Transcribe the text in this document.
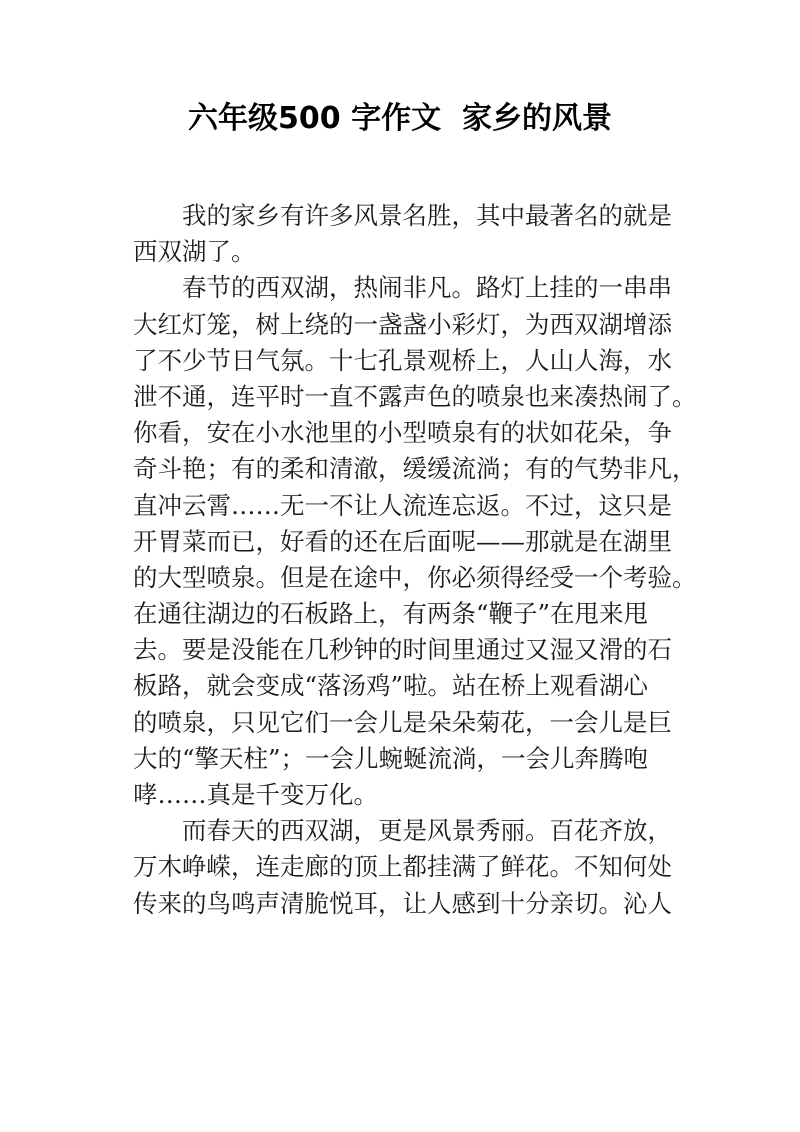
六年级500 字作文  家乡的风景
我的家乡有许多风景名胜，其中最著名的就是
西双湖了。
春节的西双湖，热闹非凡。路灯上挂的一串串
大红灯笼，树上绕的一盏盏小彩灯，为西双湖增添
了不少节日气氛。十七孔景观桥上，人山人海，水
泄不通，连平时一直不露声色的喷泉也来凑热闹了。
你看，安在小水池里的小型喷泉有的状如花朵，争
奇斗艳；有的柔和清澈，缓缓流淌；有的气势非凡，
直冲云霄……无一不让人流连忘返。不过，这只是
开胃菜而已，好看的还在后面呢——那就是在湖里
的大型喷泉。但是在途中，你必须得经受一个考验。
在通往湖边的石板路上，有两条“鞭子”在甩来甩
去。要是没能在几秒钟的时间里通过又湿又滑的石
板路，就会变成“落汤鸡”啦。站在桥上观看湖心
的喷泉，只见它们一会儿是朵朵菊花，一会儿是巨
大的“擎天柱”；一会儿蜿蜒流淌，一会儿奔腾咆
哮……真是千变万化。
而春天的西双湖，更是风景秀丽。百花齐放，
万木峥嵘，连走廊的顶上都挂满了鲜花。不知何处
传来的鸟鸣声清脆悦耳，让人感到十分亲切。沁人
